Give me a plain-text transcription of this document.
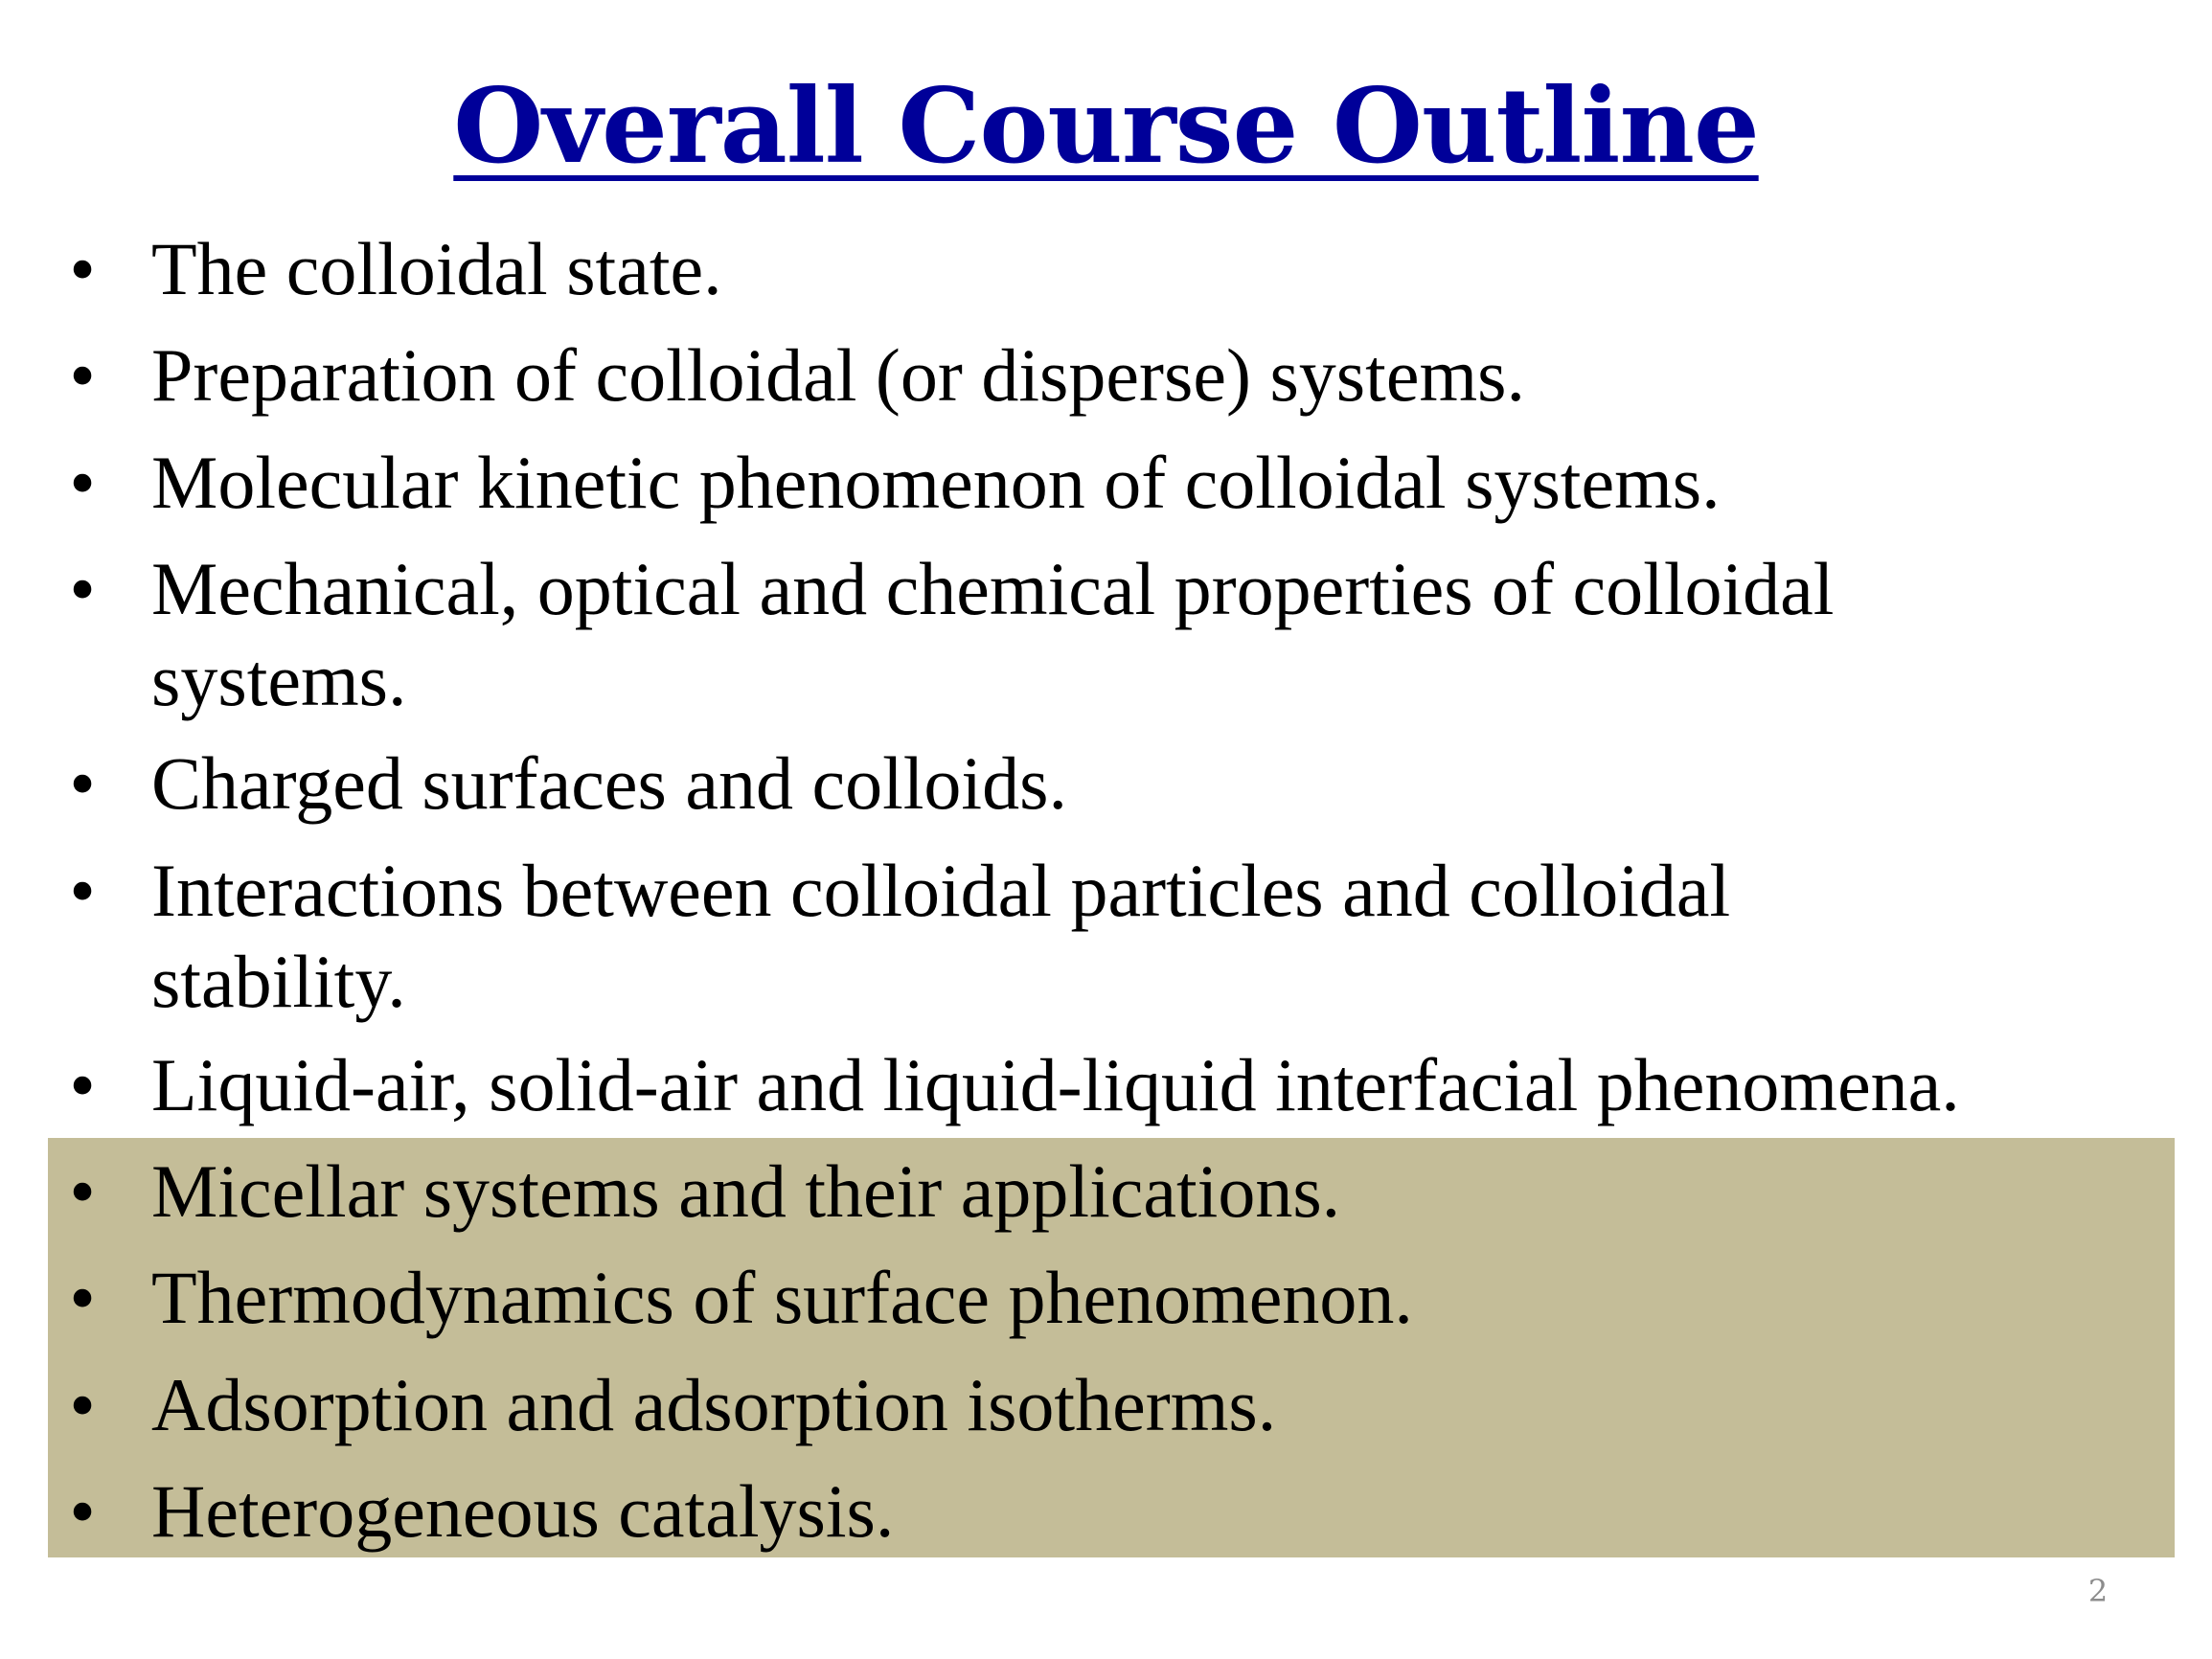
Overall Course Outline
• The colloidal state.
• Preparation of colloidal (or disperse) systems.
• Molecular kinetic phenomenon of colloidal systems.
• Mechanical, optical and chemical properties of colloidal systems.
• Charged surfaces and colloids.
• Interactions between colloidal particles and colloidal stability.
• Liquid-air, solid-air and liquid-liquid interfacial phenomena.
• Micellar systems and their applications.
• Thermodynamics of surface phenomenon.
• Adsorption and adsorption isotherms.
• Heterogeneous catalysis.
2
